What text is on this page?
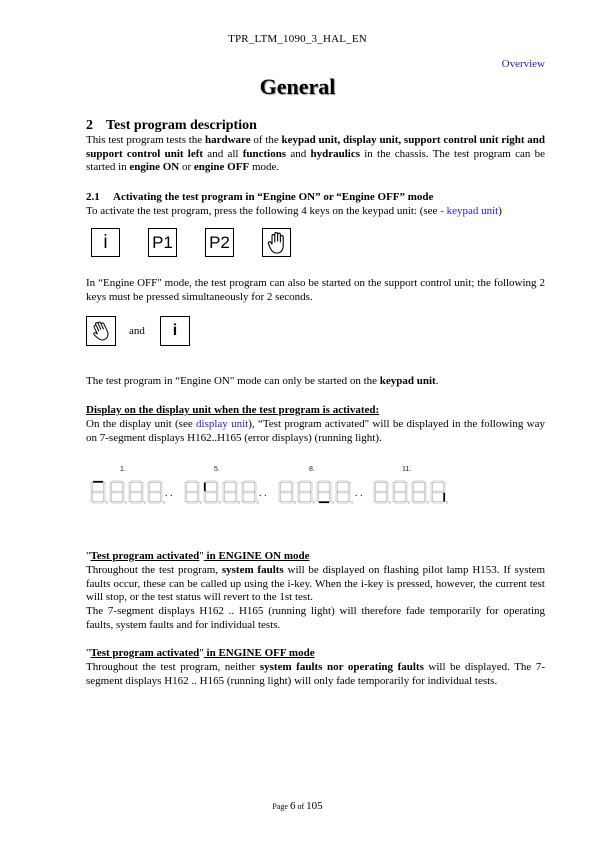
TPR_LTM_1090_3_HAL_EN
Overview
General
2 Test program description
This test program tests the hardware of the keypad unit, display unit, support control unit right and support control unit left and all functions and hydraulics in the chassis. The test program can be started in engine ON or engine OFF mode.
2.1 Activating the test program in “Engine ON” or “Engine OFF” mode
To activate the test program, press the following 4 keys on the keypad unit: (see - keypad unit)
i	P1 P2
In “Engine OFF" mode, the test program can also be started on the support control unit; the following 2 keys must be pressed simultaneously for 2 seconds.
and i
The test program in “Engine ON" mode can only be started on the keypad unit.
Display on the display unit when the test program is activated:
On the display unit (see display unit), “Test program activated" will be displayed in the following way on 7-segment displays H162..H165 (error displays) (running light).
1.	5.	8.	11.
. .	. .	. .
"Test program activated" in ENGINE ON mode
Throughout the test program, system faults will be displayed on flashing pilot lamp H153. If system faults occur, these can be called up using the i-key. When the i-key is pressed, however, the current test will stop, or the test status will revert to the 1st test.
The 7-segment displays H162 .. H165 (running light) will therefore fade temporarily for operating faults, system faults and for individual tests.
"Test program activated" in ENGINE OFF mode
Throughout the test program, neither system faults nor operating faults will be displayed. The 7-segment displays H162 .. H165 (running light) will only fade temporarily for individual tests.
Page 6 of 105
